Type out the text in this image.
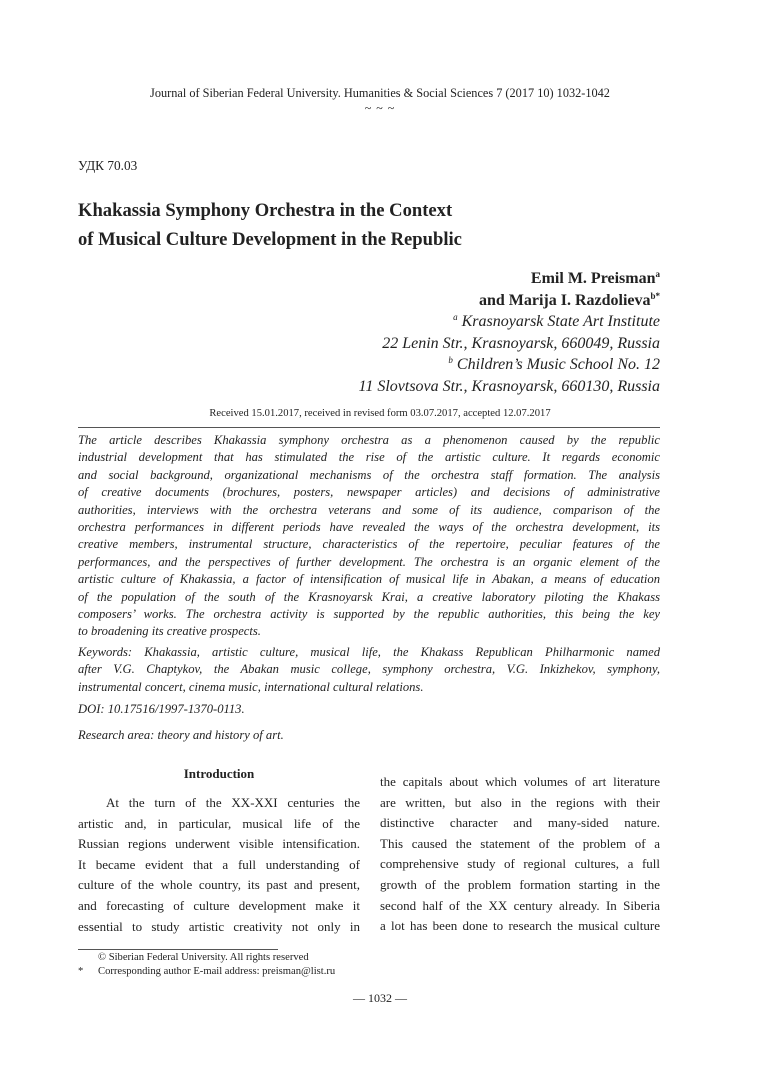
Journal of Siberian Federal University. Humanities & Social Sciences 7 (2017 10) 1032-1042
~ ~ ~
УДК 70.03
Khakassia Symphony Orchestra in the Context
of Musical Culture Development in the Republic
Emil M. Preisman$^a$
and Marija I. Razdolieva$^{b*}$
$^a$ Krasnoyarsk State Art Institute
22 Lenin Str., Krasnoyarsk, 660049, Russia
$^b$ Children’s Music School No. 12
11 Slovtsova Str., Krasnoyarsk, 660130, Russia
Received 15.01.2017, received in revised form 03.07.2017, accepted 12.07.2017
The article describes Khakassia symphony orchestra as a phenomenon caused by the republic
industrial development that has stimulated the rise of the artistic culture. It regards economic
and social background, organizational mechanisms of the orchestra staff formation. The analysis
of creative documents (brochures, posters, newspaper articles) and decisions of administrative
authorities, interviews with the orchestra veterans and some of its audience, comparison of the
orchestra performances in different periods have revealed the ways of the orchestra development, its
creative members, instrumental structure, characteristics of the repertoire, peculiar features of the
performances, and the perspectives of further development. The orchestra is an organic element of the
artistic culture of Khakassia, a factor of intensification of musical life in Abakan, a means of education
of the population of the south of the Krasnoyarsk Krai, a creative laboratory piloting the Khakass
composers’ works. The orchestra activity is supported by the republic authorities, this being the key
to broadening its creative prospects.
Keywords: Khakassia, artistic culture, musical life, the Khakass Republican Philharmonic named
after V.G. Chaptykov, the Abakan music college, symphony orchestra, V.G. Inkizhekov, symphony,
instrumental concert, cinema music, international cultural relations.
DOI: 10.17516/1997-1370-0113.
Research area: theory and history of art.
Introduction
At the turn of the XX-XXI centuries the
artistic and, in particular, musical life of the
Russian regions underwent visible intensification.
It became evident that a full understanding of
culture of the whole country, its past and present,
and forecasting of culture development make it
essential to study artistic creativity not only in
the capitals about which volumes of art literature
are written, but also in the regions with their
distinctive character and many-sided nature.
This caused the statement of the problem of a
comprehensive study of regional cultures, a full
growth of the problem formation starting in the
second half of the XX century already. In Siberia
a lot has been done to research the musical culture
© Siberian Federal University. All rights reserved
* Corresponding author E-mail address: preisman@list.ru
— 1032 —
